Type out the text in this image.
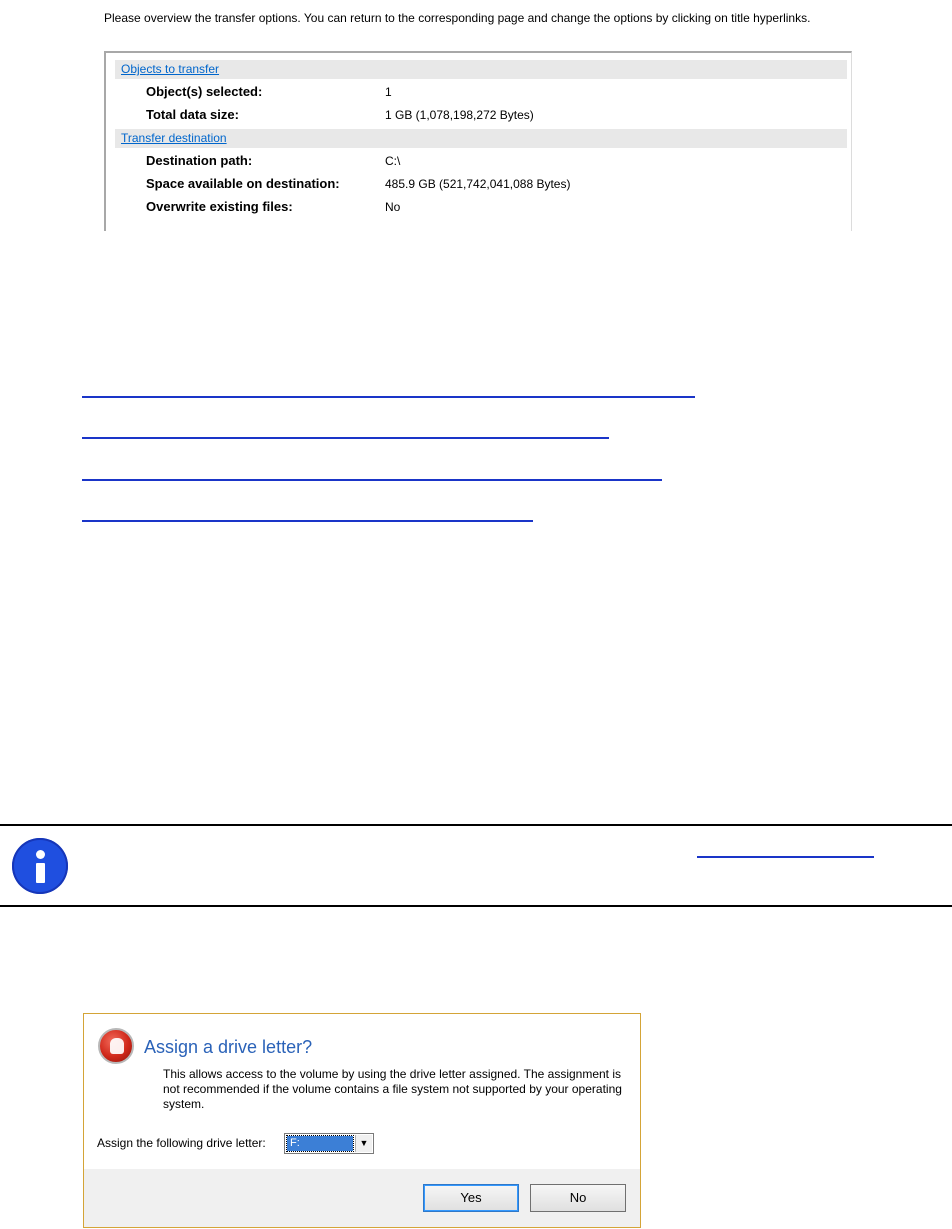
Please overview the transfer options. You can return to the corresponding page and change the options by clicking on title hyperlinks.
Objects to transfer
Object(s) selected:	1
Total data size:	1 GB (1,078,198,272 Bytes)
Transfer destination
Destination path:	C:\
Space available on destination:	485.9 GB (521,742,041,088 Bytes)
Overwrite existing files:	No
Assign a drive letter?
This allows access to the volume by using the drive letter assigned. The assignment is not recommended if the volume contains a file system not supported by your operating system.
Assign the following drive letter: F:	▼
Yes	No
